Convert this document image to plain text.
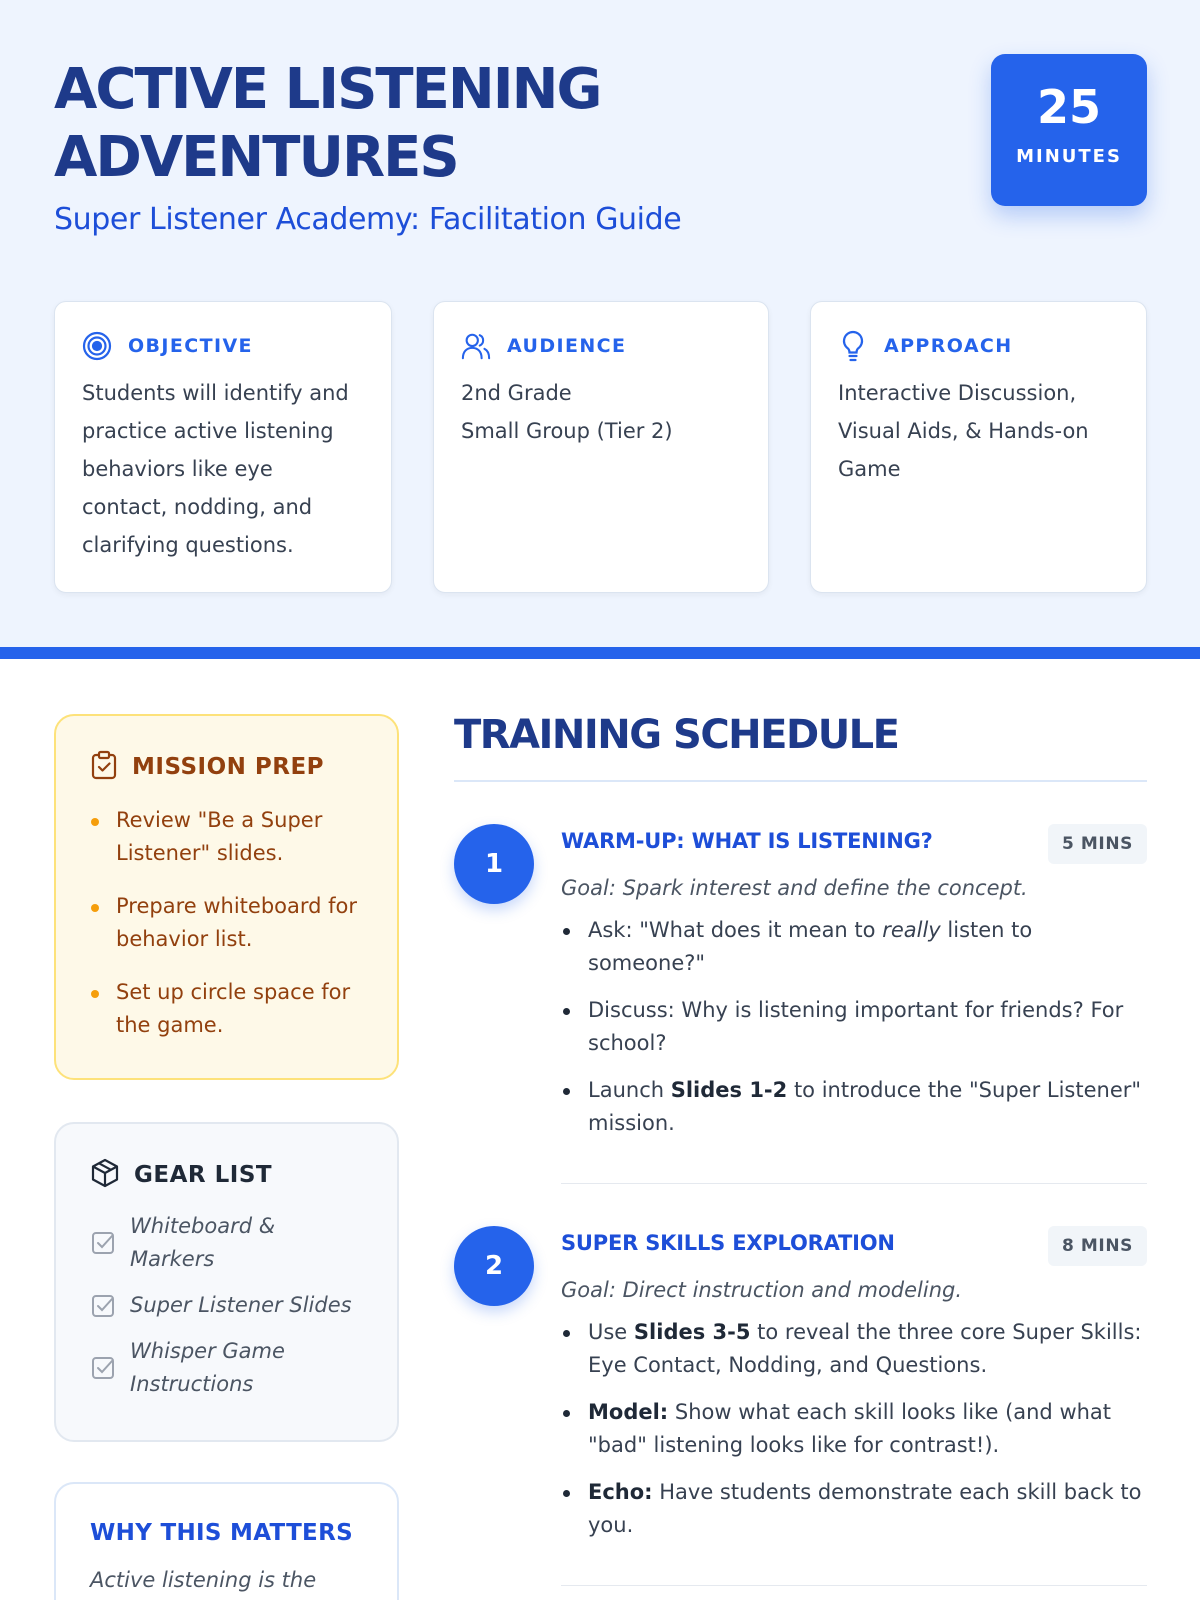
ACTIVE LISTENING ADVENTURES
Super Listener Academy: Facilitation Guide
25
MINUTES
OBJECTIVE
Students will identify and practice active listening behaviors like eye contact, nodding, and clarifying questions.
AUDIENCE
2nd Grade
Small Group (Tier 2)
APPROACH
Interactive Discussion, Visual Aids, & Hands-on Game
MISSION PREP
Review "Be a Super Listener" slides.
Prepare whiteboard for behavior list.
Set up circle space for the game.
GEAR LIST
Whiteboard & Markers
Super Listener Slides
Whisper Game Instructions
WHY THIS MATTERS
Active listening is the
TRAINING SCHEDULE
1
WARM-UP: WHAT IS LISTENING?	5 MINS
Goal: Spark interest and define the concept.
Ask: "What does it mean to really listen to someone?"
Discuss: Why is listening important for friends? For school?
Launch Slides 1-2 to introduce the "Super Listener" mission.
2
SUPER SKILLS EXPLORATION	8 MINS
Goal: Direct instruction and modeling.
Use Slides 3-5 to reveal the three core Super Skills: Eye Contact, Nodding, and Questions.
Model: Show what each skill looks like (and what "bad" listening looks like for contrast!).
Echo: Have students demonstrate each skill back to you.
